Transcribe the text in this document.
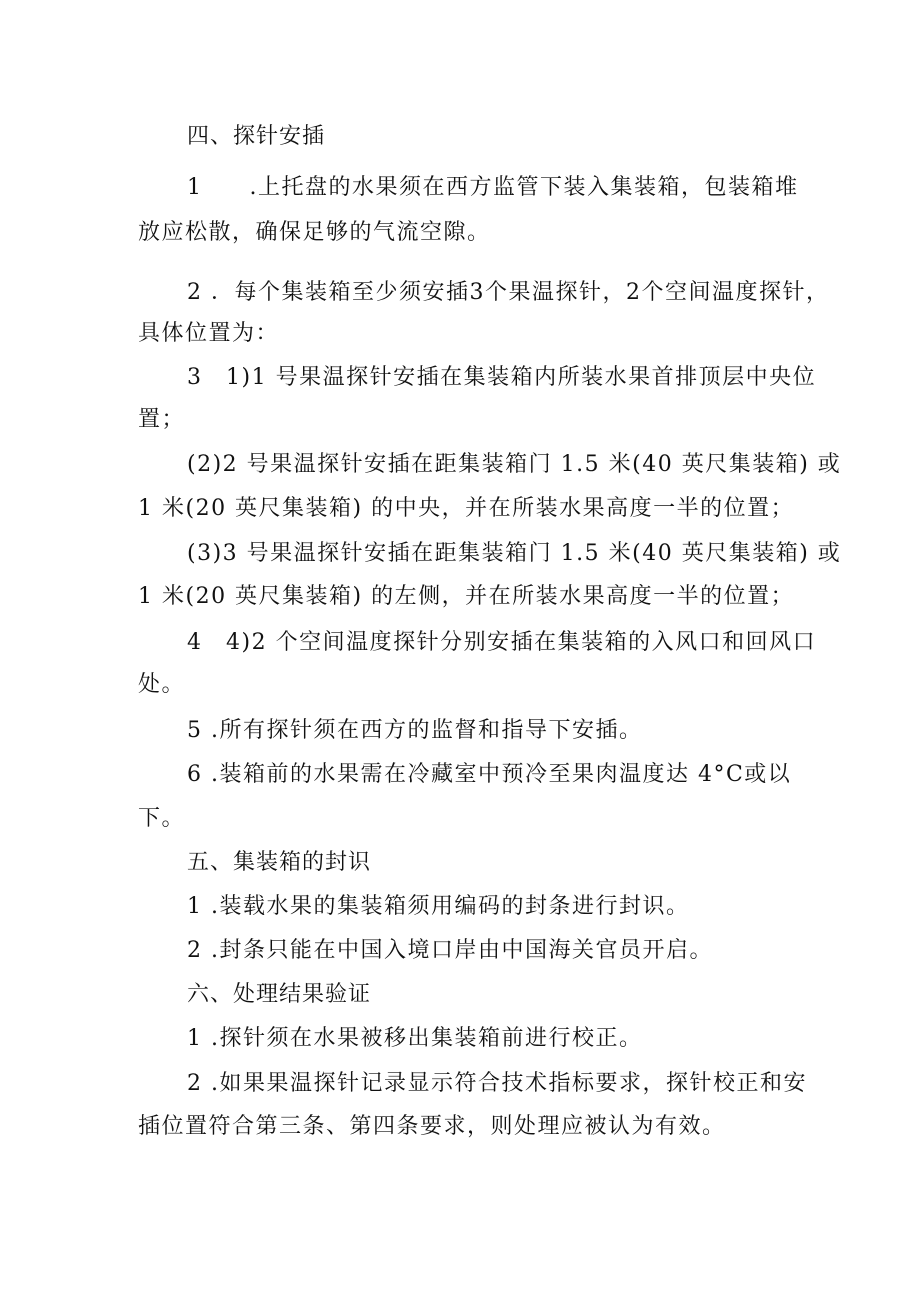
四、探针安插
1　　.上托盘的水果须在西方监管下装入集装箱，包装箱堆
放应松散，确保足够的气流空隙。
2 ．每个集装箱至少须安插3个果温探针，2个空间温度探针，
具体位置为：
3　1)1 号果温探针安插在集装箱内所装水果首排顶层中央位
置；
(2)2 号果温探针安插在距集装箱门 1.5 米(40 英尺集装箱) 或
1 米(20 英尺集装箱) 的中央，并在所装水果高度一半的位置；
(3)3 号果温探针安插在距集装箱门 1.5 米(40 英尺集装箱) 或
1 米(20 英尺集装箱) 的左侧，并在所装水果高度一半的位置；
4　4)2 个空间温度探针分别安插在集装箱的入风口和回风口
处。
5 .所有探针须在西方的监督和指导下安插。
6 .装箱前的水果需在冷藏室中预冷至果肉温度达 4°C或以
下。
五、集装箱的封识
1 .装载水果的集装箱须用编码的封条进行封识。
2 .封条只能在中国入境口岸由中国海关官员开启。
六、处理结果验证
1 .探针须在水果被移出集装箱前进行校正。
2 .如果果温探针记录显示符合技术指标要求，探针校正和安
插位置符合第三条、第四条要求，则处理应被认为有效。
